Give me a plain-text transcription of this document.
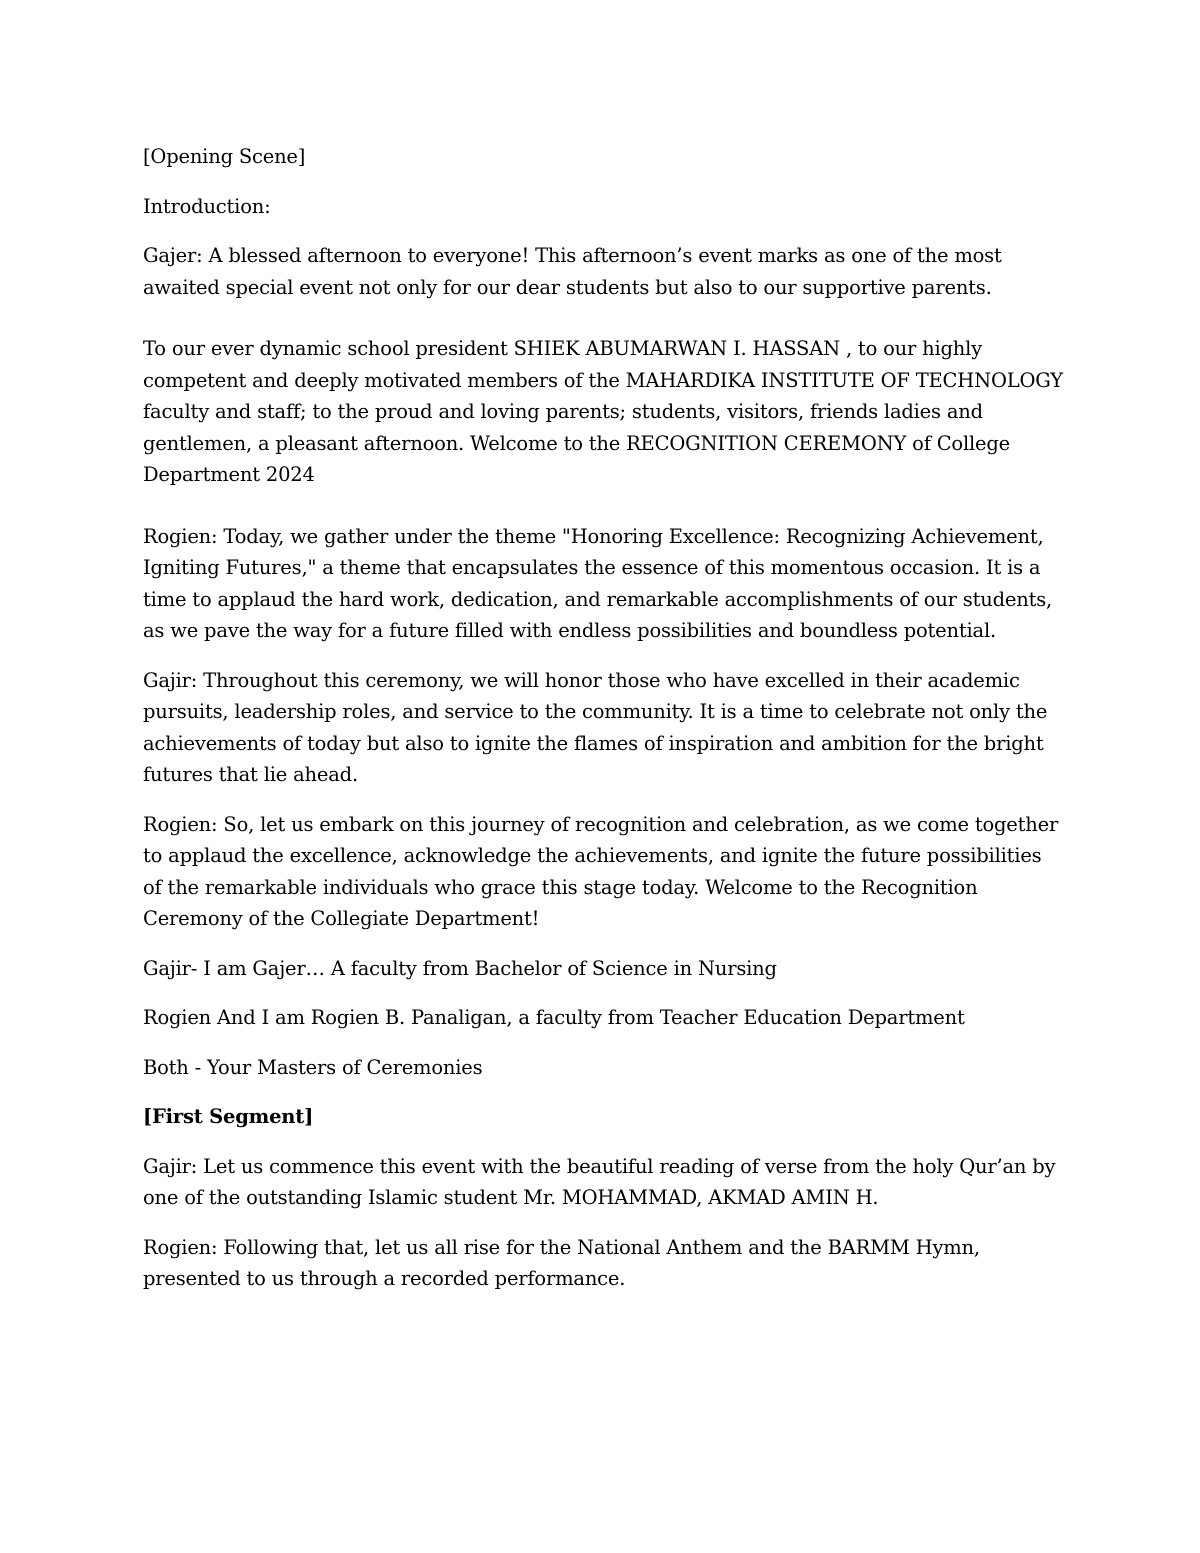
[Opening Scene]

Introduction:

Gajer: A blessed afternoon to everyone! This afternoon’s event marks as one of the most awaited special event not only for our dear students but also to our supportive parents.

To our ever dynamic school president SHIEK ABUMARWAN I. HASSAN , to our highly competent and deeply motivated members of the MAHARDIKA INSTITUTE OF TECHNOLOGY faculty and staff; to the proud and loving parents; students, visitors, friends ladies and gentlemen, a pleasant afternoon. Welcome to the RECOGNITION CEREMONY of College Department 2024

Rogien: Today, we gather under the theme "Honoring Excellence: Recognizing Achievement, Igniting Futures," a theme that encapsulates the essence of this momentous occasion. It is a time to applaud the hard work, dedication, and remarkable accomplishments of our students, as we pave the way for a future filled with endless possibilities and boundless potential.

Gajir: Throughout this ceremony, we will honor those who have excelled in their academic pursuits, leadership roles, and service to the community. It is a time to celebrate not only the achievements of today but also to ignite the flames of inspiration and ambition for the bright futures that lie ahead.

Rogien: So, let us embark on this journey of recognition and celebration, as we come together to applaud the excellence, acknowledge the achievements, and ignite the future possibilities of the remarkable individuals who grace this stage today. Welcome to the Recognition Ceremony of the Collegiate Department!

Gajir- I am Gajer… A faculty from Bachelor of Science in Nursing

Rogien And I am Rogien B. Panaligan, a faculty from Teacher Education Department

Both - Your Masters of Ceremonies

[First Segment]

Gajir: Let us commence this event with the beautiful reading of verse from the holy Qur’an by one of the outstanding Islamic student Mr. MOHAMMAD, AKMAD AMIN H.

Rogien: Following that, let us all rise for the National Anthem and the BARMM Hymn, presented to us through a recorded performance.
